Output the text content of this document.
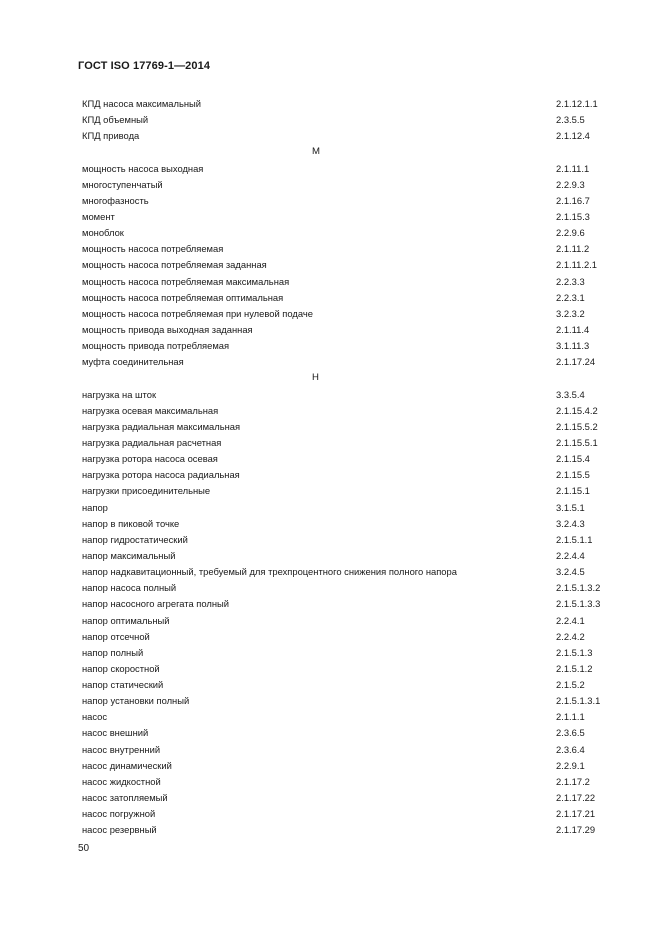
ГОСТ ISO 17769-1—2014
КПД насоса максимальный	2.1.12.1.1
КПД объемный	2.3.5.5
КПД привода	2.1.12.4
М
мощность насоса выходная	2.1.11.1
многоступенчатый	2.2.9.3
многофазность	2.1.16.7
момент	2.1.15.3
моноблок	2.2.9.6
мощность насоса потребляемая	2.1.11.2
мощность насоса потребляемая заданная	2.1.11.2.1
мощность насоса потребляемая максимальная	2.2.3.3
мощность насоса потребляемая оптимальная	2.2.3.1
мощность насоса потребляемая при нулевой подаче	3.2.3.2
мощность привода выходная заданная	2.1.11.4
мощность привода потребляемая	3.1.11.3
муфта соединительная	2.1.17.24
Н
нагрузка на шток	3.3.5.4
нагрузка осевая максимальная	2.1.15.4.2
нагрузка радиальная максимальная	2.1.15.5.2
нагрузка радиальная расчетная	2.1.15.5.1
нагрузка ротора насоса осевая	2.1.15.4
нагрузка ротора насоса радиальная	2.1.15.5
нагрузки присоединительные	2.1.15.1
напор	3.1.5.1
напор в пиковой точке	3.2.4.3
напор гидростатический	2.1.5.1.1
напор максимальный	2.2.4.4
напор надкавитационный, требуемый для трехпроцентного снижения полного напора	3.2.4.5
напор насоса полный	2.1.5.1.3.2
напор насосного агрегата полный	2.1.5.1.3.3
напор оптимальный	2.2.4.1
напор отсечной	2.2.4.2
напор полный	2.1.5.1.3
напор скоростной	2.1.5.1.2
напор статический	2.1.5.2
напор установки полный	2.1.5.1.3.1
насос	2.1.1.1
насос внешний	2.3.6.5
насос внутренний	2.3.6.4
насос динамический	2.2.9.1
насос жидкостной	2.1.17.2
насос затопляемый	2.1.17.22
насос погружной	2.1.17.21
насос резервный	2.1.17.29
50
